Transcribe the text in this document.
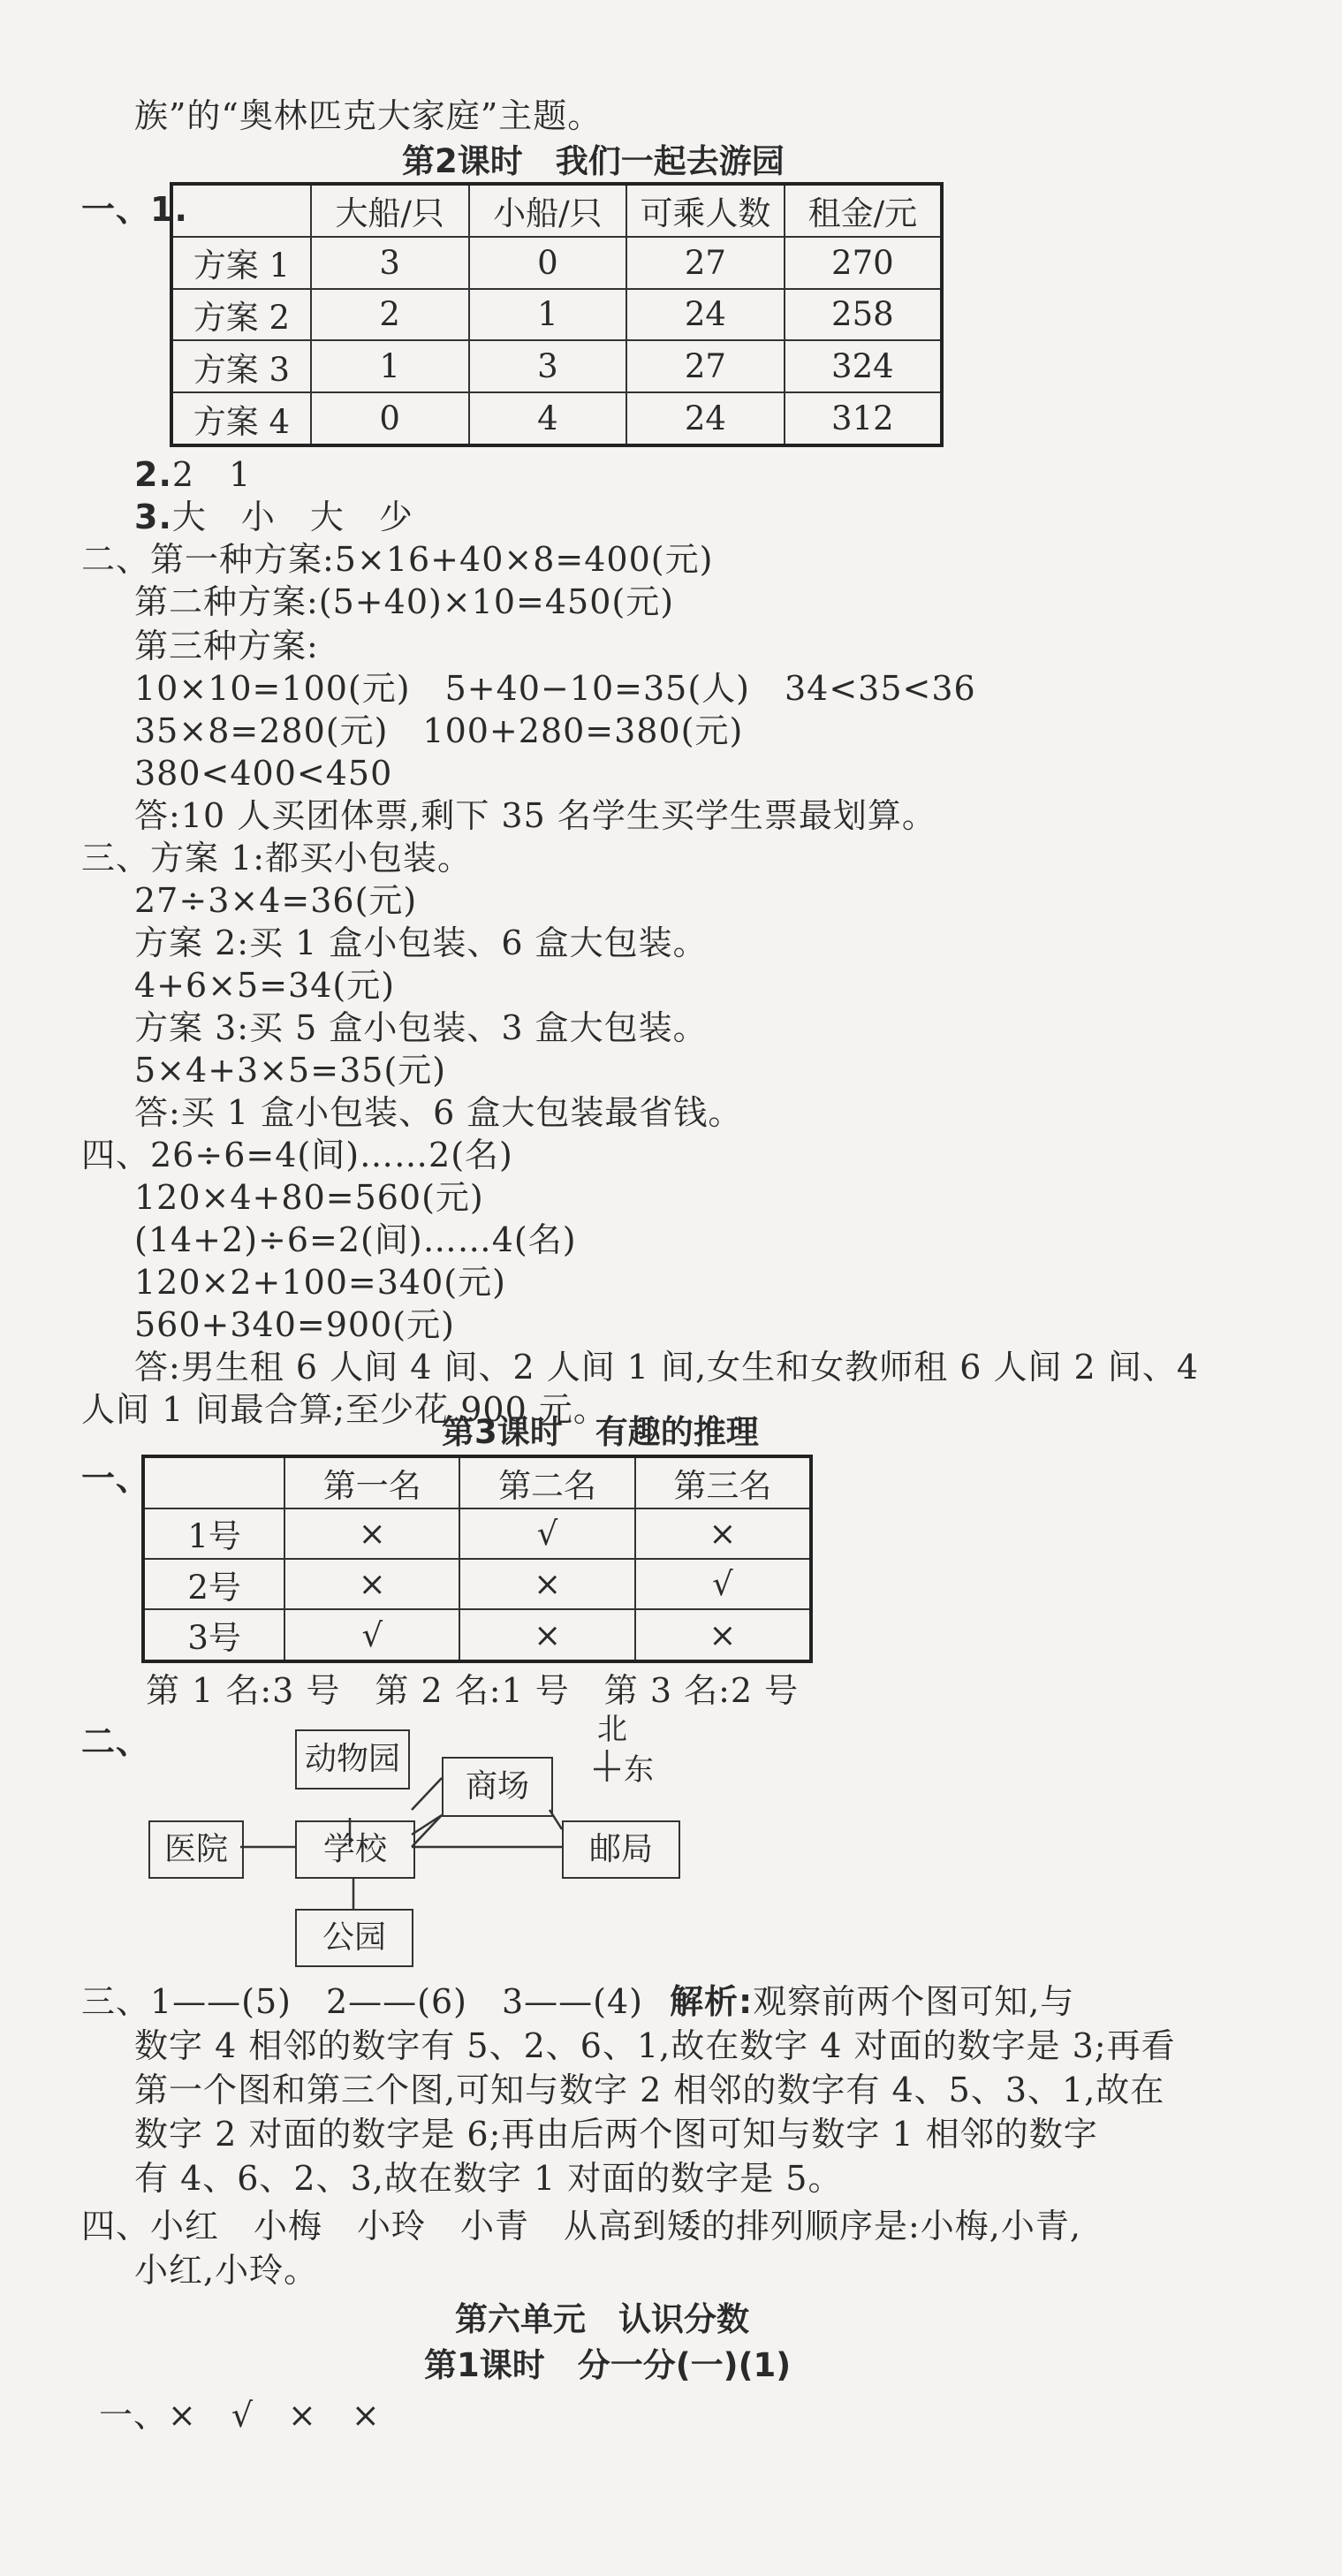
族”的“奥林匹克大家庭”主题。
第2课时　我们一起去游园
一、1.
		大船/只	小船/只	可乘人数	租金/元
方案 1	3	0	27	270
方案 2	2	1	24	258
方案 3	1	3	27	324
方案 4	0	4	24	312
2.2　1
3.大　小　大　少
二、第一种方案:5×16+40×8=400(元)
第二种方案:(5+40)×10=450(元)
第三种方案:
10×10=100(元)　5+40−10=35(人)　34<35<36
35×8=280(元)　100+280=380(元)
380<400<450
答:10 人买团体票,剩下 35 名学生买学生票最划算。
三、方案 1:都买小包装。
27÷3×4=36(元)
方案 2:买 1 盒小包装、6 盒大包装。
4+6×5=34(元)
方案 3:买 5 盒小包装、3 盒大包装。
5×4+3×5=35(元)
答:买 1 盒小包装、6 盒大包装最省钱。
四、26÷6=4(间)……2(名)
120×4+80=560(元)
(14+2)÷6=2(间)……4(名)
120×2+100=340(元)
560+340=900(元)
答:男生租 6 人间 4 间、2 人间 1 间,女生和女教师租 6 人间 2 间、4
人间 1 间最合算;至少花 900 元。
第3课时　有趣的推理
一、
		第一名	第二名	第三名
1号	×	√	×
2号	×	×	√
3号	√	×	×
第 1 名:3 号　第 2 名:1 号　第 3 名:2 号
二、	动物园
商场
医院	学校	邮局
公园
北
东
三、1——(5)　2——(6)　3——(4) 解析:观察前两个图可知,与
数字 4 相邻的数字有 5、2、6、1,故在数字 4 对面的数字是 3;再看
第一个图和第三个图,可知与数字 2 相邻的数字有 4、5、3、1,故在
数字 2 对面的数字是 6;再由后两个图可知与数字 1 相邻的数字
有 4、6、2、3,故在数字 1 对面的数字是 5。
四、小红　小梅　小玲　小青　从高到矮的排列顺序是:小梅,小青,
小红,小玲。
第六单元　认识分数
第1课时　分一分(一)(1)
一、×　√　×　×
